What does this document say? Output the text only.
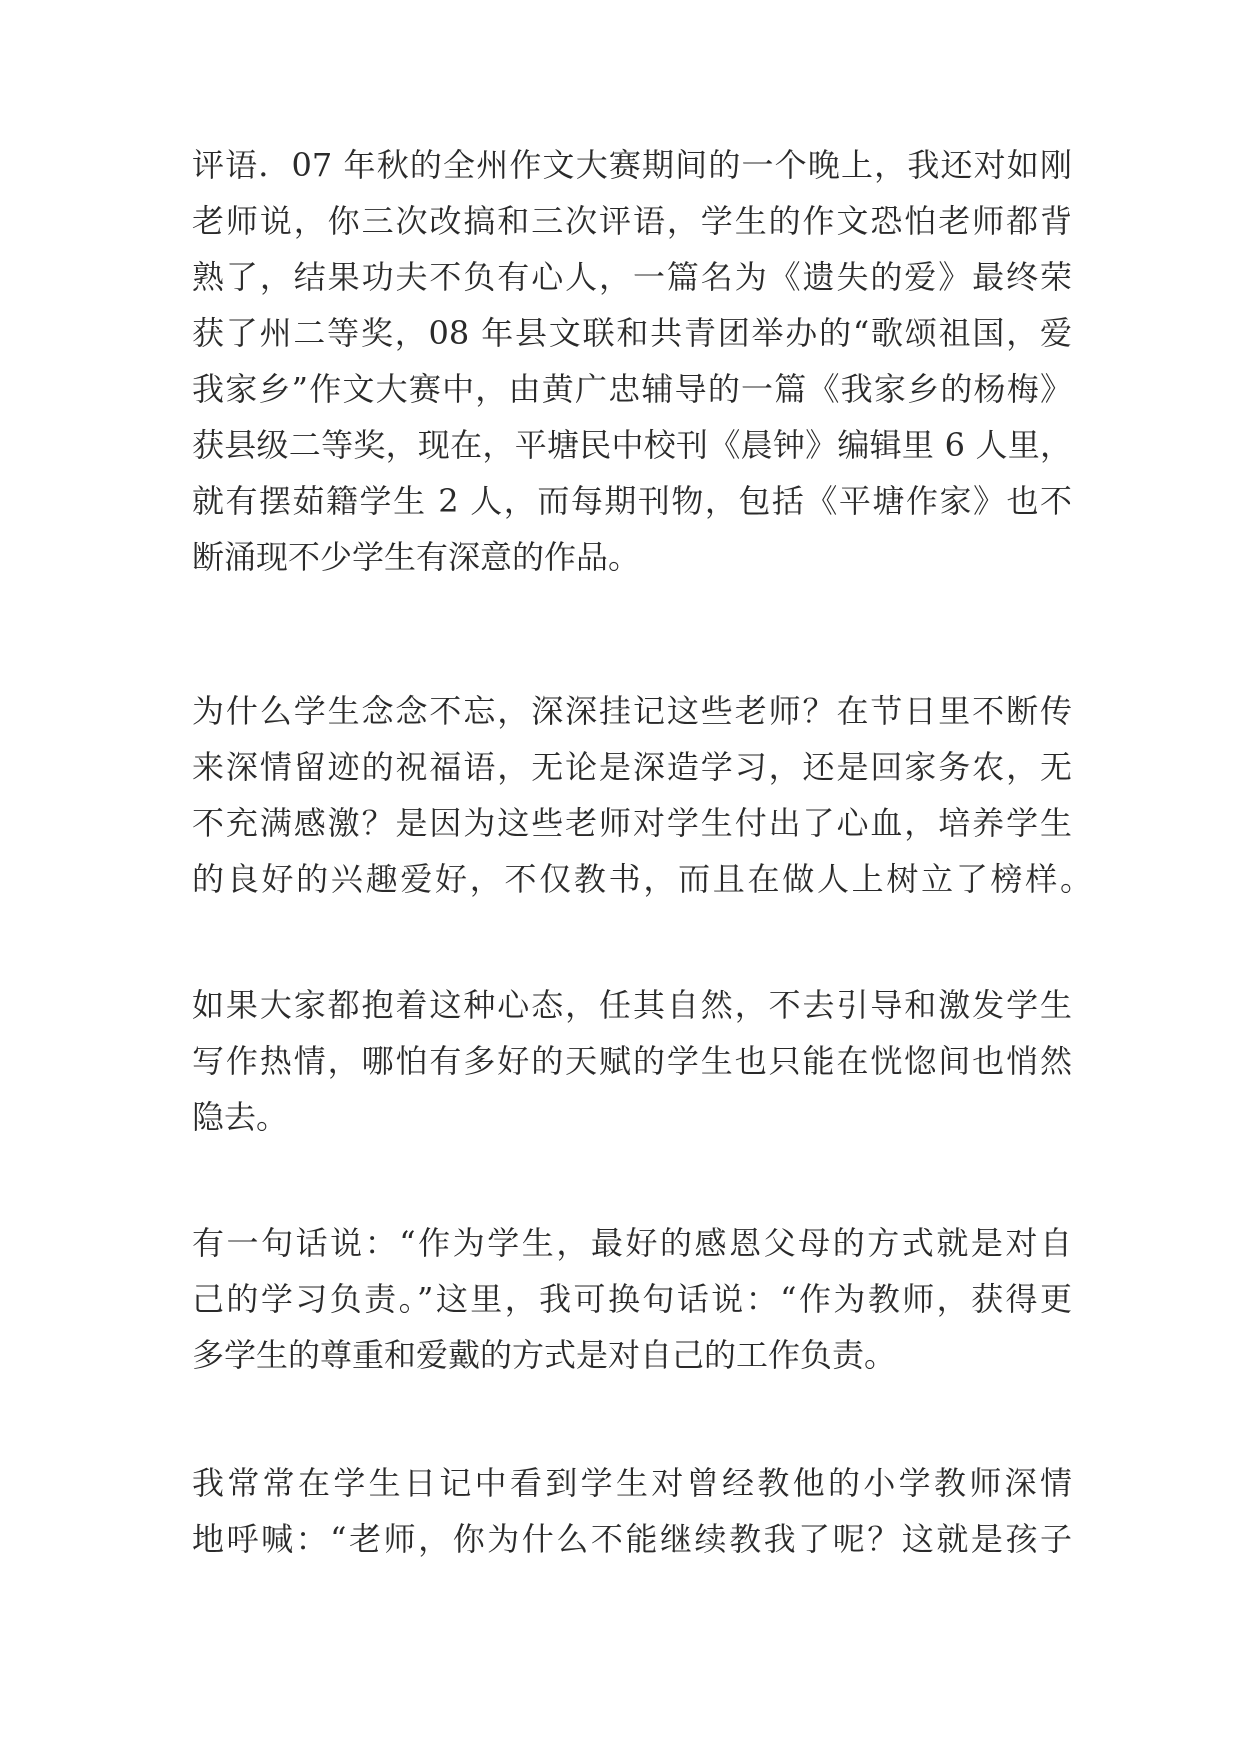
评语．07 年秋的全州作文大赛期间的一个晚上，我还对如刚

老师说，你三次改搞和三次评语，学生的作文恐怕老师都背

熟了，结果功夫不负有心人，一篇名为《遗失的爱》最终荣

获了州二等奖，08 年县文联和共青团举办的“歌颂祖国，爱

我家乡”作文大赛中，由黄广忠辅导的一篇《我家乡的杨梅》

获县级二等奖，现在，平塘民中校刊《晨钟》编辑里 6 人里，

就有摆茹籍学生 2 人，而每期刊物，包括《平塘作家》也不

断涌现不少学生有深意的作品。

为什么学生念念不忘，深深挂记这些老师？在节日里不断传

来深情留迹的祝福语，无论是深造学习，还是回家务农，无

不充满感激？是因为这些老师对学生付出了心血，培养学生

的良好的兴趣爱好，不仅教书，而且在做人上树立了榜样。

如果大家都抱着这种心态，任其自然，不去引导和激发学生

写作热情，哪怕有多好的天赋的学生也只能在恍惚间也悄然

隐去。

有一句话说：“作为学生，最好的感恩父母的方式就是对自

己的学习负责。”这里，我可换句话说：“作为教师，获得更

多学生的尊重和爱戴的方式是对自己的工作负责。

我常常在学生日记中看到学生对曾经教他的小学教师深情

地呼喊：“老师，你为什么不能继续教我了呢？这就是孩子
